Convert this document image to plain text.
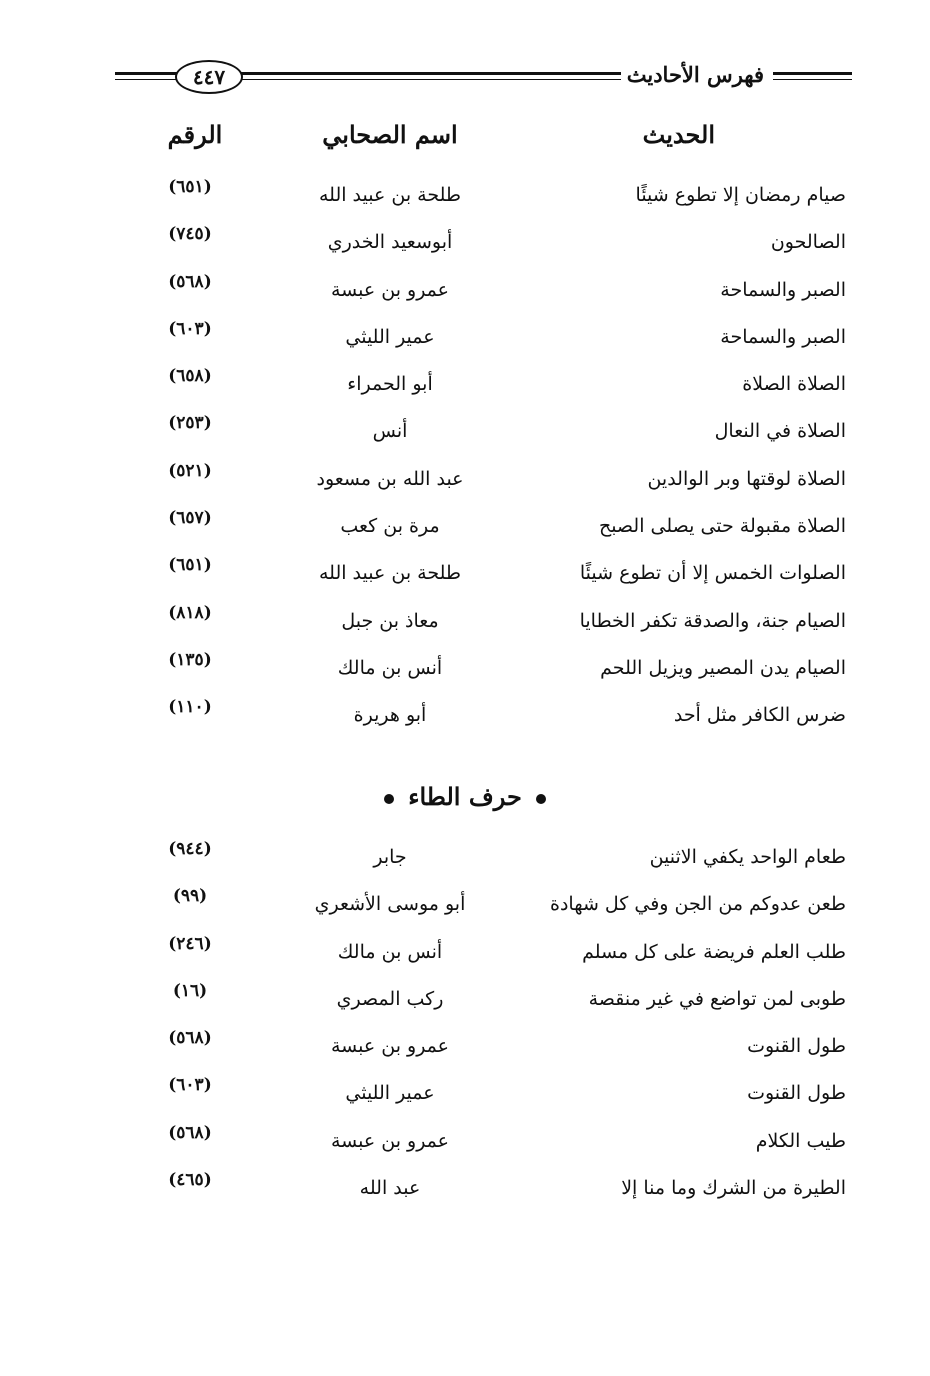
٤٤٧	فهرس الأحاديث
الحديث
اسم الصحابي
الرقم
صيام رمضان إلا تطوع شيئًا
طلحة بن عبيد الله
(٦٥١)
الصالحون
أبوسعيد الخدري
(٧٤٥)
الصبر والسماحة
عمرو بن عبسة
(٥٦٨)
الصبر والسماحة
عمير الليثي
(٦٠٣)
الصلاة الصلاة
أبو الحمراء
(٦٥٨)
الصلاة في النعال
أنس
(٢٥٣)
الصلاة لوقتها وبر الوالدين
عبد الله بن مسعود
(٥٢١)
الصلاة مقبولة حتى يصلى الصبح
مرة بن كعب
(٦٥٧)
الصلوات الخمس إلا أن تطوع شيئًا
طلحة بن عبيد الله
(٦٥١)
الصيام جنة، والصدقة تكفر الخطايا
معاذ بن جبل
(٨١٨)
الصيام يدن المصير ويزيل اللحم
أنس بن مالك
(١٣٥)
ضرس الكافر مثل أحد
أبو هريرة
(١١٠)
حرف الطاء
طعام الواحد يكفي الاثنين
جابر
(٩٤٤)
طعن عدوكم من الجن وفي كل شهادة
أبو موسى الأشعري
(٩٩)
طلب العلم فريضة على كل مسلم
أنس بن مالك
(٢٤٦)
طوبى لمن تواضع في غير منقصة
ركب المصري
(١٦)
طول القنوت
عمرو بن عبسة
(٥٦٨)
طول القنوت
عمير الليثي
(٦٠٣)
طيب الكلام
عمرو بن عبسة
(٥٦٨)
الطيرة من الشرك وما منا إلا
عبد الله
(٤٦٥)
